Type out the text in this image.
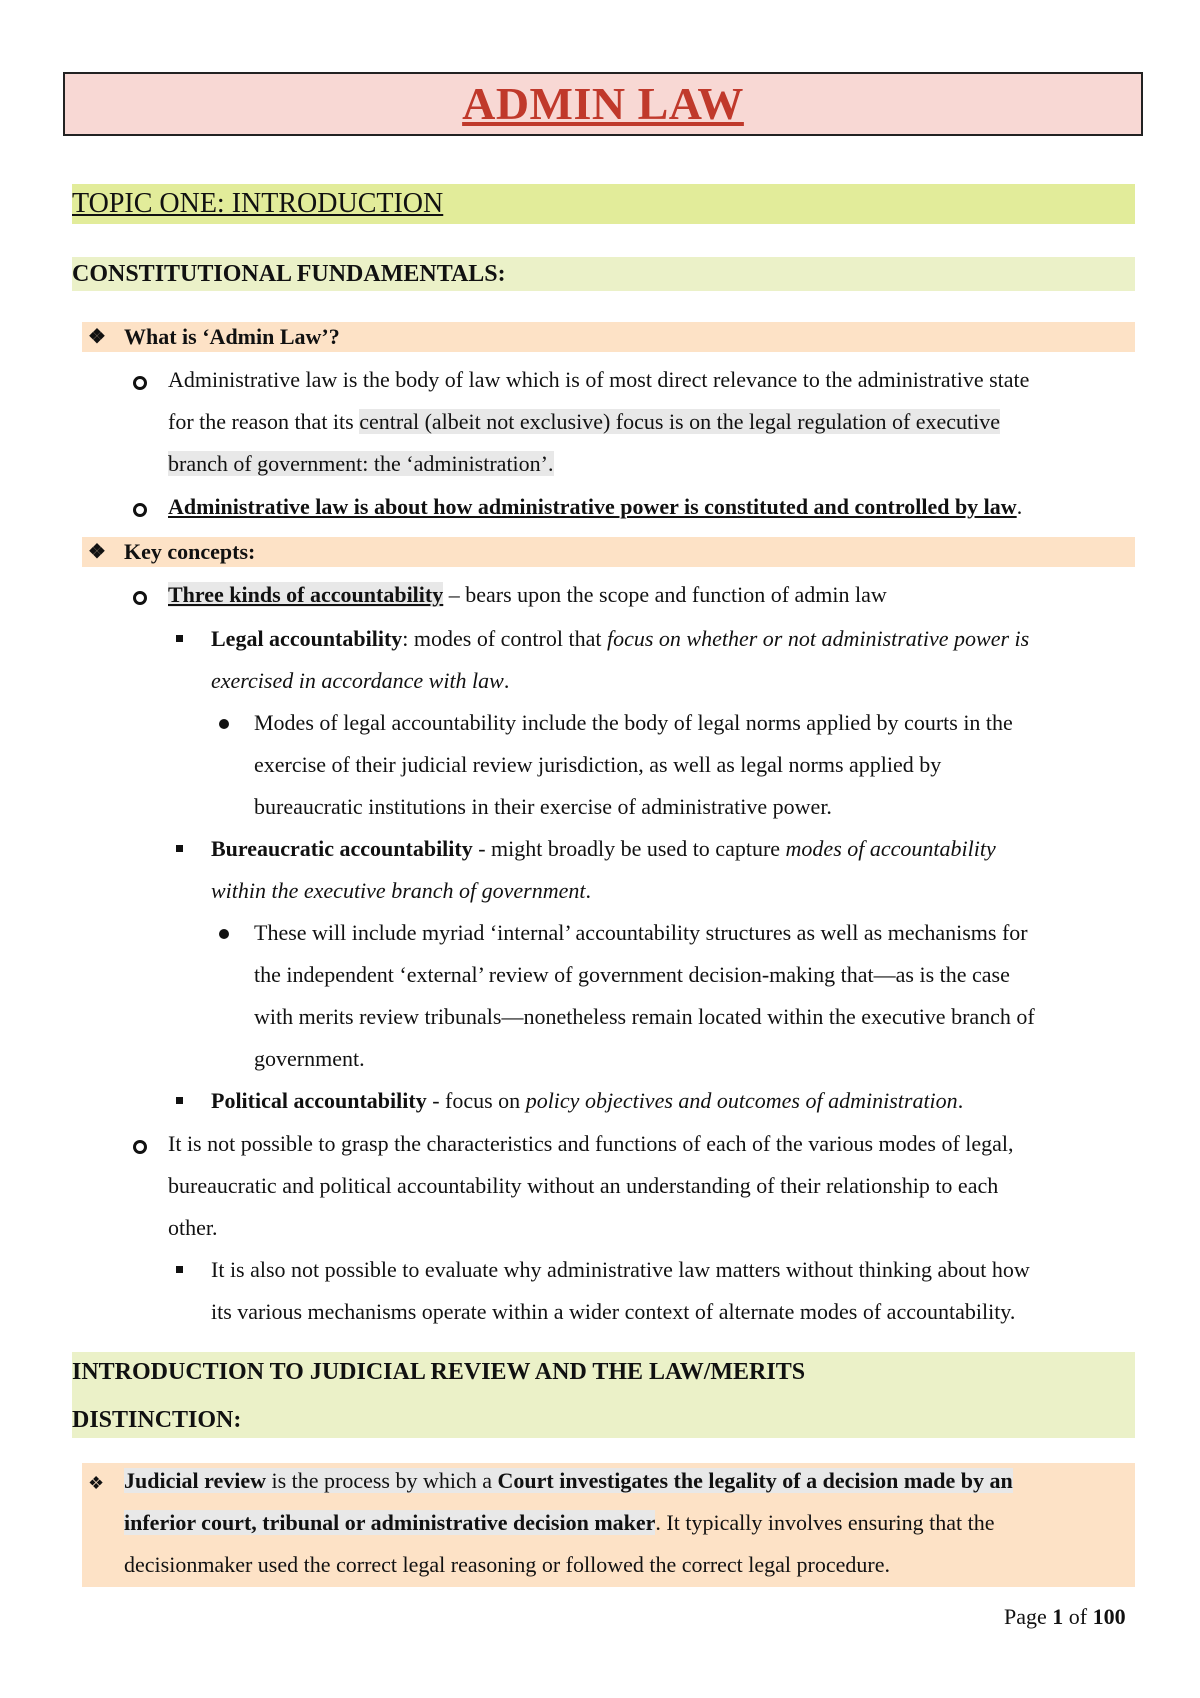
ADMIN LAW
TOPIC ONE: INTRODUCTION
CONSTITUTIONAL FUNDAMENTALS:
❖ What is ‘Admin Law’?
Administrative law is the body of law which is of most direct relevance to the administrative state
for the reason that its central (albeit not exclusive) focus is on the legal regulation of executive
branch of government: the ‘administration’.
Administrative law is about how administrative power is constituted and controlled by law.
❖ Key concepts:
Three kinds of accountability – bears upon the scope and function of admin law
Legal accountability: modes of control that focus on whether or not administrative power is
exercised in accordance with law.
Modes of legal accountability include the body of legal norms applied by courts in the
exercise of their judicial review jurisdiction, as well as legal norms applied by
bureaucratic institutions in their exercise of administrative power.
Bureaucratic accountability - might broadly be used to capture modes of accountability
within the executive branch of government.
These will include myriad ‘internal’ accountability structures as well as mechanisms for
the independent ‘external’ review of government decision-making that—as is the case
with merits review tribunals—nonetheless remain located within the executive branch of
government.
Political accountability - focus on policy objectives and outcomes of administration.
It is not possible to grasp the characteristics and functions of each of the various modes of legal,
bureaucratic and political accountability without an understanding of their relationship to each
other.
It is also not possible to evaluate why administrative law matters without thinking about how
its various mechanisms operate within a wider context of alternate modes of accountability.
INTRODUCTION TO JUDICIAL REVIEW AND THE LAW/MERITS
DISTINCTION:
❖ Judicial review is the process by which a Court investigates the legality of a decision made by an
inferior court, tribunal or administrative decision maker. It typically involves ensuring that the
decisionmaker used the correct legal reasoning or followed the correct legal procedure.
Page 1 of 100
